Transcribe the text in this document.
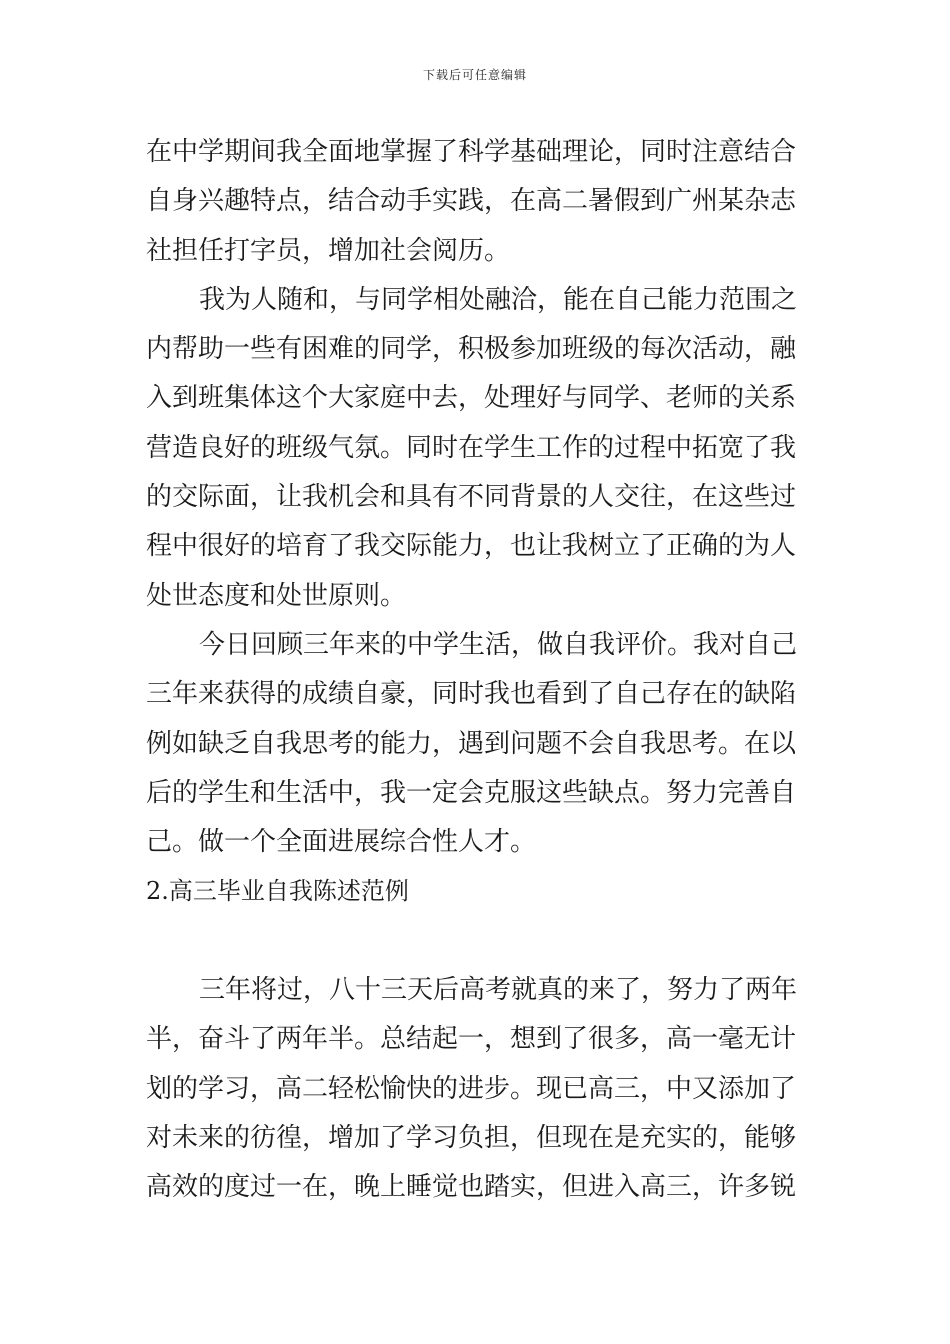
下载后可任意编辑
在中学期间我全面地掌握了科学基础理论，同时注意结合
自身兴趣特点，结合动手实践，在高二暑假到广州某杂志
社担任打字员，增加社会阅历。
我为人随和，与同学相处融洽，能在自己能力范围之
内帮助一些有困难的同学，积极参加班级的每次活动，融
入到班集体这个大家庭中去，处理好与同学、老师的关系
营造良好的班级气氛。同时在学生工作的过程中拓宽了我
的交际面，让我机会和具有不同背景的人交往，在这些过
程中很好的培育了我交际能力，也让我树立了正确的为人
处世态度和处世原则。
今日回顾三年来的中学生活，做自我评价。我对自己
三年来获得的成绩自豪，同时我也看到了自己存在的缺陷
例如缺乏自我思考的能力，遇到问题不会自我思考。在以
后的学生和生活中，我一定会克服这些缺点。努力完善自
己。做一个全面进展综合性人才。
2.高三毕业自我陈述范例
三年将过，八十三天后高考就真的来了，努力了两年
半，奋斗了两年半。总结起一，想到了很多，高一毫无计
划的学习，高二轻松愉快的进步。现已高三，中又添加了
对未来的彷徨，增加了学习负担，但现在是充实的，能够
高效的度过一在，晚上睡觉也踏实，但进入高三，许多锐
